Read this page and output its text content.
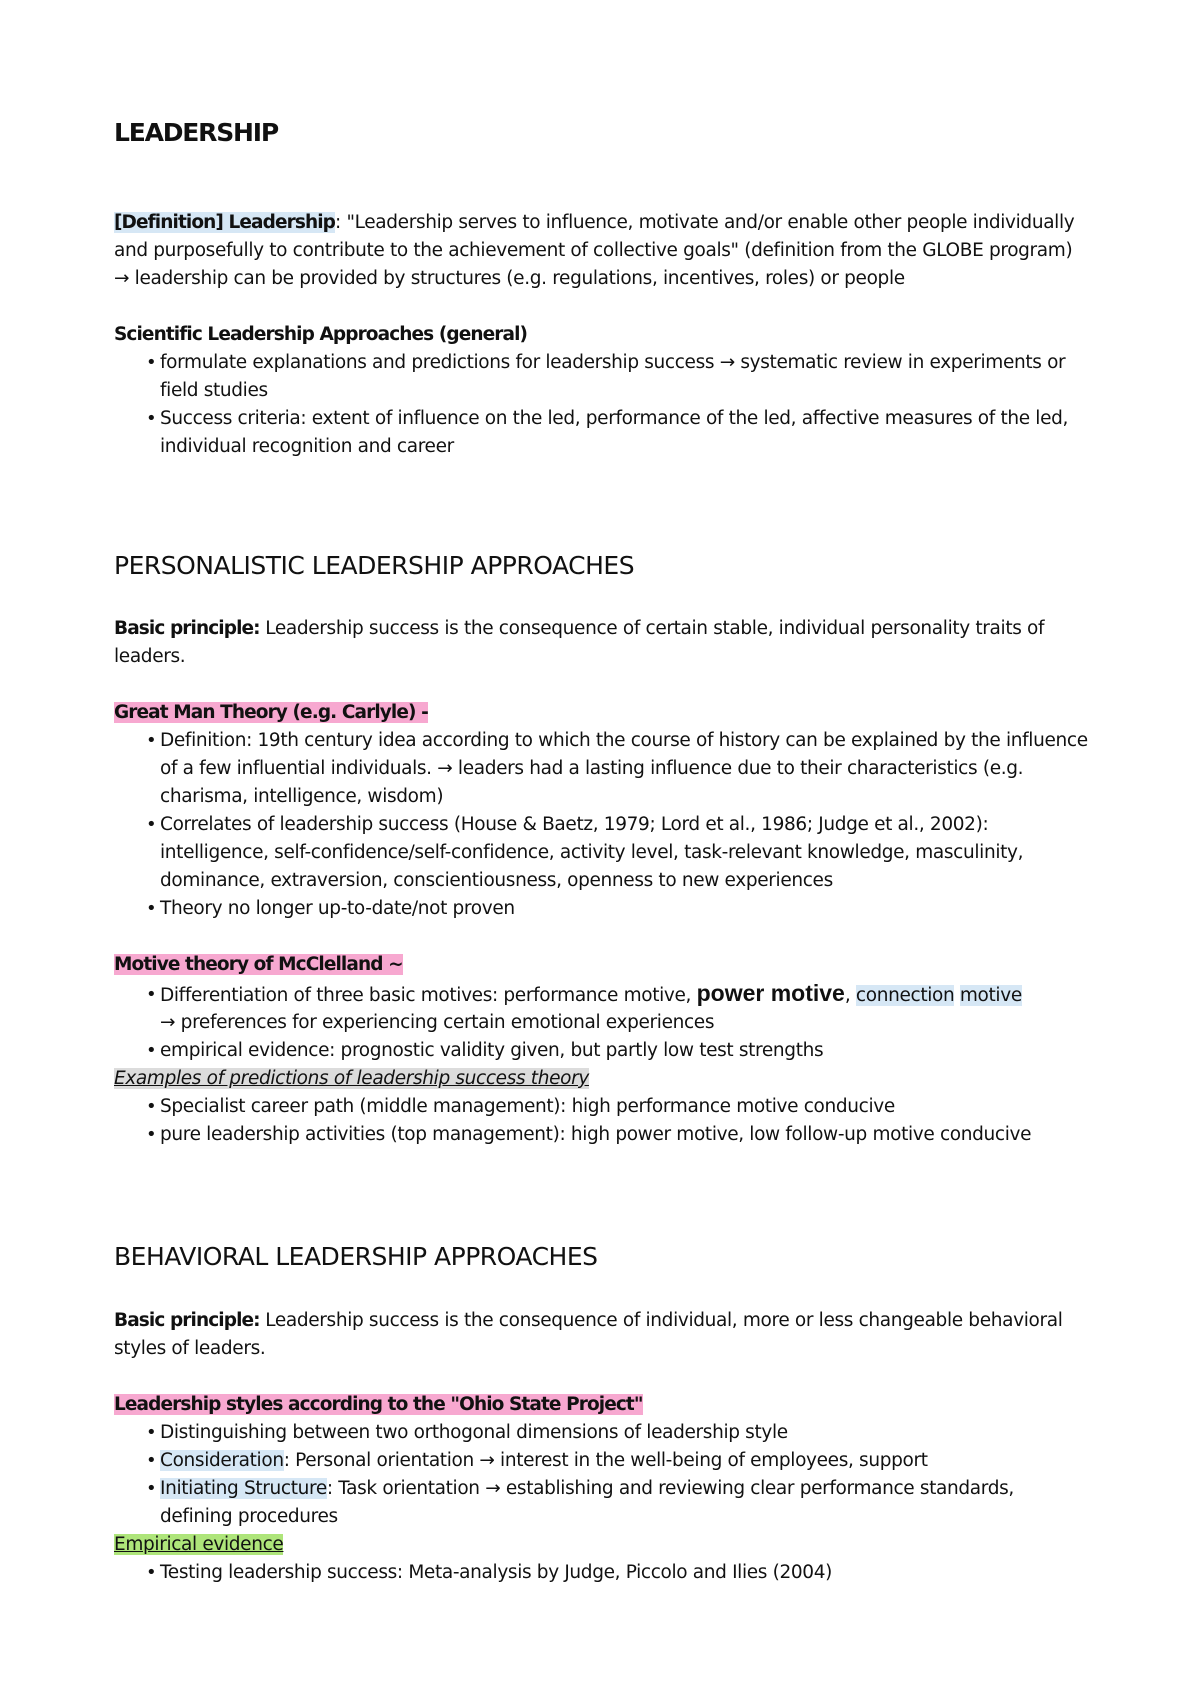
LEADERSHIP
[Definition] Leadership: "Leadership serves to influence, motivate and/or enable other people individually
and purposefully to contribute to the achievement of collective goals" (definition from the GLOBE program)
→ leadership can be provided by structures (e.g. regulations, incentives, roles) or people
Scientific Leadership Approaches (general)
• formulate explanations and predictions for leadership success → systematic review in experiments or
field studies
• Success criteria: extent of influence on the led, performance of the led, affective measures of the led,
individual recognition and career
PERSONALISTIC LEADERSHIP APPROACHES
Basic principle: Leadership success is the consequence of certain stable, individual personality traits of
leaders.
Great Man Theory (e.g. Carlyle) -
• Definition: 19th century idea according to which the course of history can be explained by the influence
of a few influential individuals. → leaders had a lasting influence due to their characteristics (e.g.
charisma, intelligence, wisdom)
• Correlates of leadership success (House & Baetz, 1979; Lord et al., 1986; Judge et al., 2002):
intelligence, self-confidence/self-confidence, activity level, task-relevant knowledge, masculinity,
dominance, extraversion, conscientiousness, openness to new experiences
• Theory no longer up-to-date/not proven
Motive theory of McClelland ~
• Differentiation of three basic motives: performance motive, power motive, connection motive
→ preferences for experiencing certain emotional experiences
• empirical evidence: prognostic validity given, but partly low test strengths
Examples of predictions of leadership success theory
• Specialist career path (middle management): high performance motive conducive
• pure leadership activities (top management): high power motive, low follow-up motive conducive
BEHAVIORAL LEADERSHIP APPROACHES
Basic principle: Leadership success is the consequence of individual, more or less changeable behavioral
styles of leaders.
Leadership styles according to the "Ohio State Project"
• Distinguishing between two orthogonal dimensions of leadership style
• Consideration: Personal orientation → interest in the well-being of employees, support
• Initiating Structure: Task orientation → establishing and reviewing clear performance standards,
defining procedures
Empirical evidence
• Testing leadership success: Meta-analysis by Judge, Piccolo and Ilies (2004)
